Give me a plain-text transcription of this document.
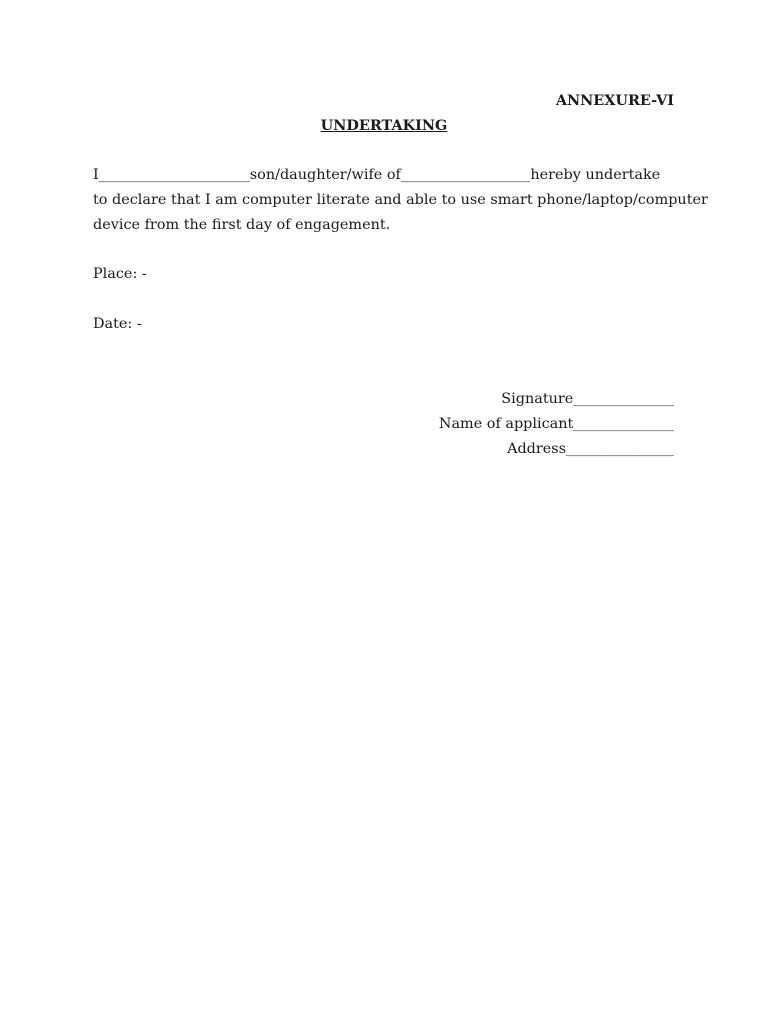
ANNEXURE-VI
UNDERTAKING
I_____________________son/daughter/wife of__________________hereby undertake
to declare that I am computer literate and able to use smart phone/laptop/computer
device from the first day of engagement.
Place: -
Date: -
Signature______________
Name of applicant______________
Address_______________
